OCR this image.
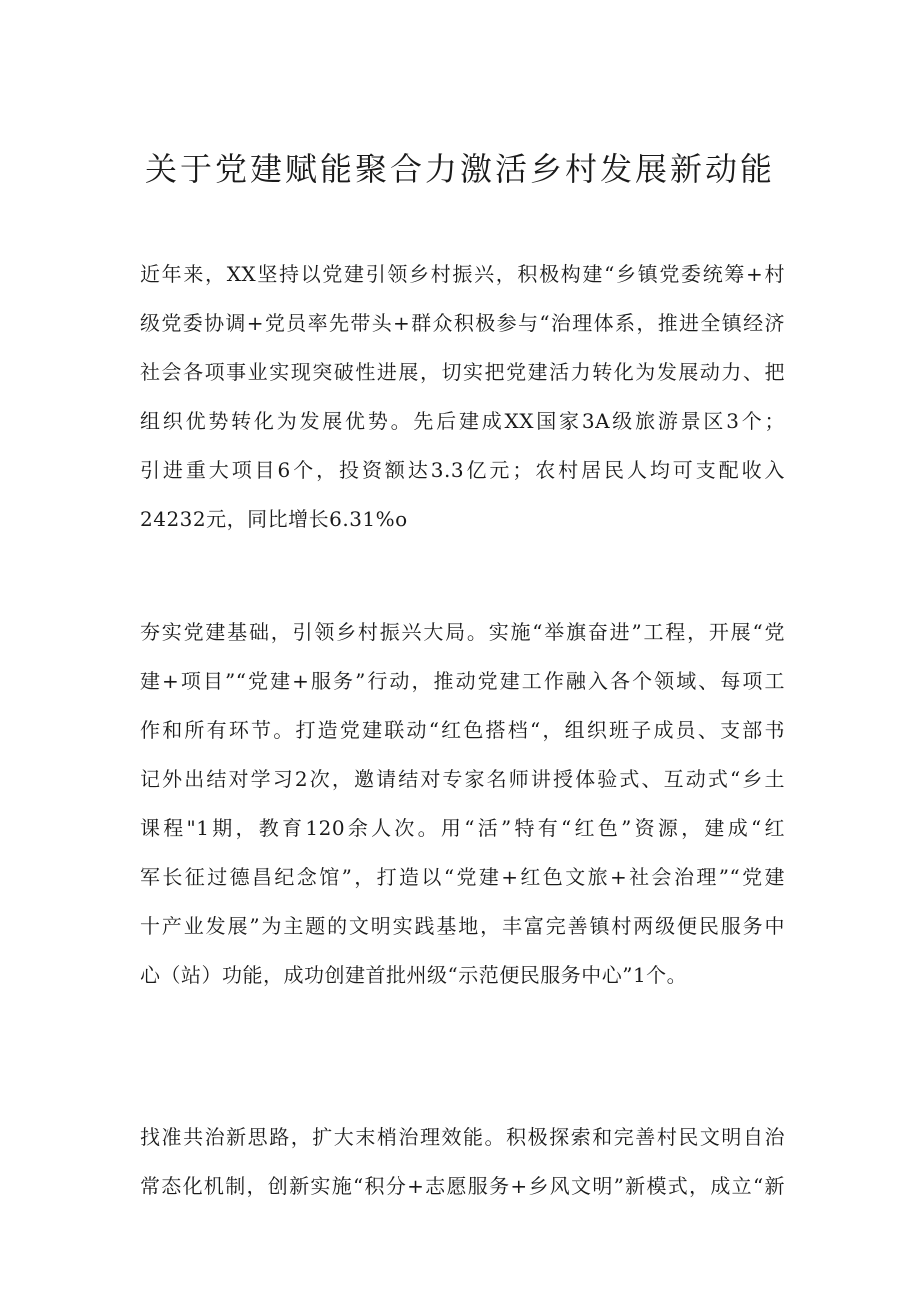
关于党建赋能聚合力激活乡村发展新动能
近年来，XX坚持以党建引领乡村振兴，积极构建“乡镇党委统筹+村
级党委协调+党员率先带头+群众积极参与“治理体系，推进全镇经济
社会各项事业实现突破性进展，切实把党建活力转化为发展动力、把
组织优势转化为发展优势。先后建成XX国家3A级旅游景区3个；
引进重大项目6个，投资额达3.3亿元；农村居民人均可支配收入
24232元，同比增长6.31%o
夯实党建基础，引领乡村振兴大局。实施“举旗奋进”工程，开展“党
建+项目”“党建+服务”行动，推动党建工作融入各个领域、每项工
作和所有环节。打造党建联动“红色搭档“，组织班子成员、支部书
记外出结对学习2次，邀请结对专家名师讲授体验式、互动式“乡土
课程"1期，教育120余人次。用“活”特有“红色”资源，建成“红
军长征过德昌纪念馆”，打造以“党建+红色文旅+社会治理”“党建
十产业发展”为主题的文明实践基地，丰富完善镇村两级便民服务中
心（站）功能，成功创建首批州级“示范便民服务中心”1个。
找准共治新思路，扩大末梢治理效能。积极探索和完善村民文明自治
常态化机制，创新实施“积分+志愿服务+乡风文明”新模式，成立“新
